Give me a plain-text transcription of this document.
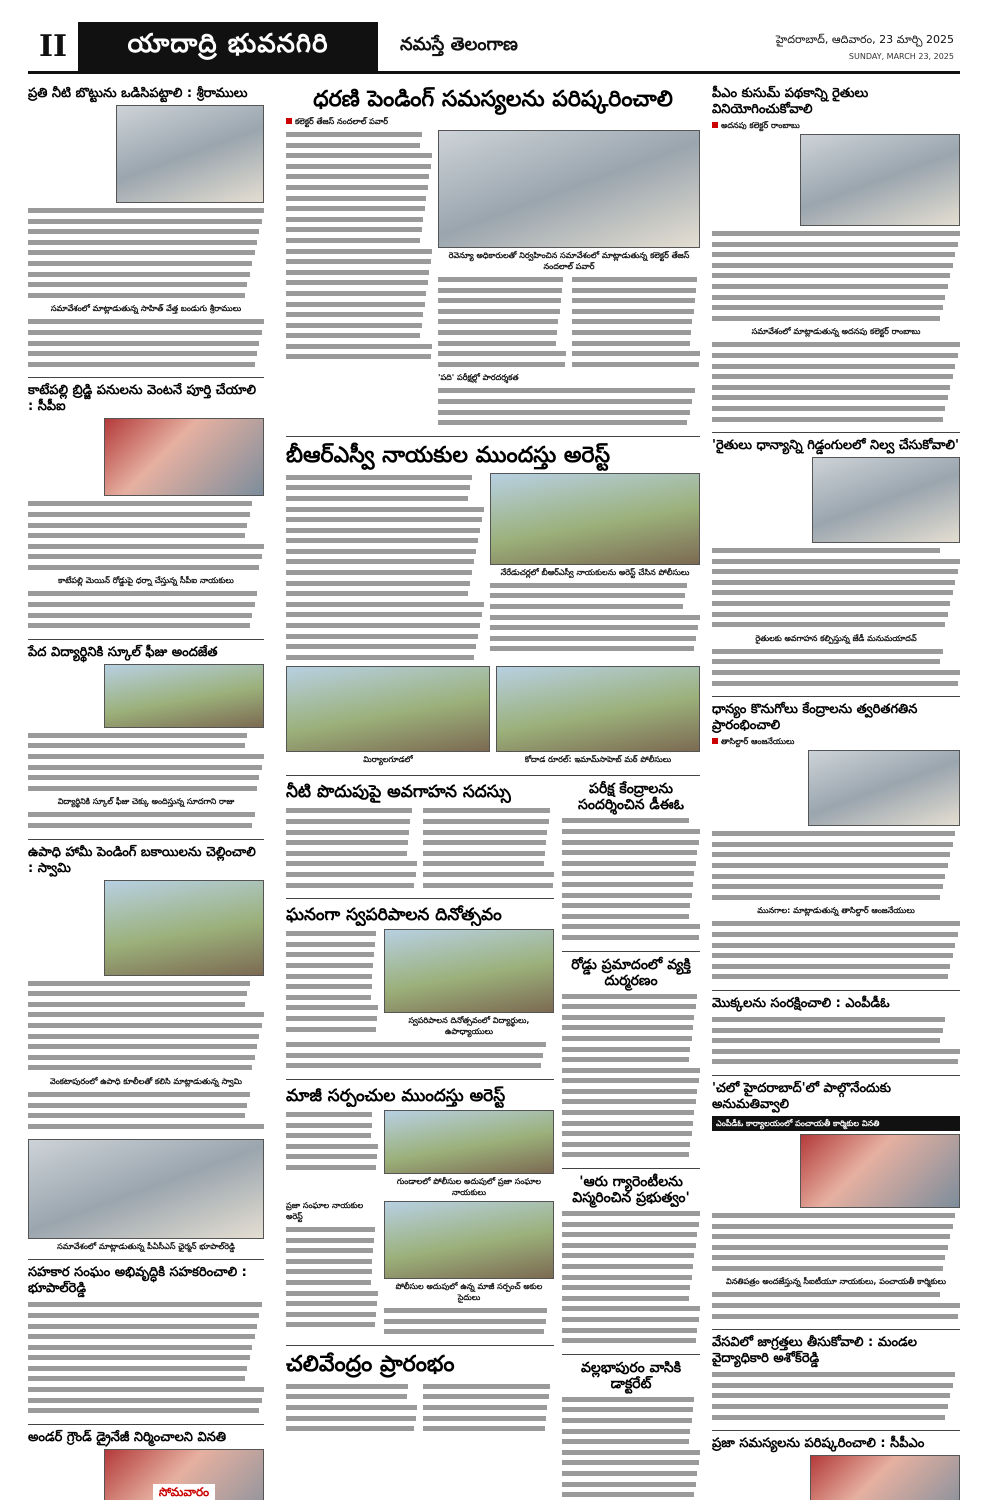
II	యాదాద్రి భువనగిరి	నమస్తే తెలంగాణ	హైదరాబాద్, ఆదివారం, 23 మార్చి 2025
SUNDAY, MARCH 23, 2025
ప్రతి నీటి బొట్టును ఒడిసిపట్టాలి : శ్రీరాములు
సమావేశంలో మాట్లాడుతున్న సాహిత్ వేత్త బండుగు శ్రీరాములు
కాటేపల్లి బ్రిడ్జి పనులను వెంటనే పూర్తి చేయాలి : సీపీఐ
కాటేపల్లి మెయిన్ రోడ్డుపై ధర్నా చేస్తున్న సీపీఐ నాయకులు
పేద విద్యార్థినికి స్కూల్ ఫీజు అందజేత
విద్యార్థినికి స్కూల్ ఫీజు చెక్కు అందిస్తున్న సూదగాని రాజు
ఉపాధి హామీ పెండింగ్ బకాయిలను చెల్లించాలి : స్వామి
వెంకటాపురంలో ఉపాధి కూలీలతో కలిసి మాట్లాడుతున్న స్వామి
సమావేశంలో మాట్లాడుతున్న పీఏసీఎస్ ఛైర్మన్ భూపాల్‌రెడ్డి
సహకార సంఘం అభివృద్ధికి సహకరించాలి : భూపాల్‌రెడ్డి
అండర్ గ్రౌండ్ డ్రైనేజీ నిర్మించాలని వినతి
సోమవారం
ధరణి పెండింగ్ సమస్యలను పరిష్కరించాలి
కలెక్టర్ తేజస్ నందలాల్ పవార్
రెవెన్యూ అధికారులతో నిర్వహించిన సమావేశంలో మాట్లాడుతున్న కలెక్టర్ తేజస్ నందలాల్ పవార్
'పది' పరీక్షల్లో పారదర్శకత
బీఆర్‌ఎస్వీ నాయకుల ముందస్తు అరెస్ట్
నేరేడుచర్లలో బీఆర్‌ఎస్వీ నాయకులను అరెస్ట్ చేసిన పోలీసులు
మిర్యాలగూడలో	కోదాడ రూరల్: ఇమామ్‌సాహెబ్ మఠ్ పోలీసులు
నీటి పొదుపుపై అవగాహన సదస్సు
ఘనంగా స్వపరిపాలన దినోత్సవం
స్వపరిపాలన దినోత్సవంలో విద్యార్థులు, ఉపాధ్యాయులు
మాజీ సర్పంచుల ముందస్తు అరెస్ట్
గుండాలలో పోలీసుల అదుపులో ప్రజా సంఘాల నాయకులు
ప్రజా సంఘాల నాయకుల అరెస్ట్
పోలీసుల అదుపులో ఉన్న మాజీ సర్పంచ్ అకుల సైదులు
చలివేంద్రం ప్రారంభం
పరీక్ష కేంద్రాలను సందర్శించిన డీఈఓ
రోడ్డు ప్రమాదంలో వ్యక్తి దుర్మరణం
'ఆరు గ్యారెంటీలను విస్మరించిన ప్రభుత్వం'
వల్లభాపురం వాసికి డాక్టరేట్
పీఎం కుసుమ్ పథకాన్ని రైతులు వినియోగించుకోవాలి
అదనపు కలెక్టర్ రాంబాబు
సమావేశంలో మాట్లాడుతున్న అదనపు కలెక్టర్ రాంబాబు
'రైతులు ధాన్యాన్ని గిడ్డంగులలో నిల్వ చేసుకోవాలి'
రైతులకు అవగాహన కల్పిస్తున్న జేడీ మనుమయాదవ్
ధాన్యం కొనుగోలు కేంద్రాలను త్వరితగతిన ప్రారంభించాలి
తాసిల్దార్ ఆంజనేయులు
మునగాల: మాట్లాడుతున్న తాసిల్దార్ ఆంజనేయులు
మొక్కలను సంరక్షించాలి : ఎంపీడీఓ
'చలో హైదరాబాద్'లో పాల్గొనేందుకు అనుమతివ్వాలి
ఎంపీడీఓ కార్యాలయంలో పంచాయతీ కార్మికుల వినతి
వినతిపత్రం అందజేస్తున్న సీఐటీయూ నాయకులు, పంచాయతీ కార్మికులు
వేసవిలో జాగ్రత్తలు తీసుకోవాలి : మండల వైద్యాధికారి అశోక్‌రెడ్డి
ప్రజా సమస్యలను పరిష్కరించాలి : సీపీఎం
